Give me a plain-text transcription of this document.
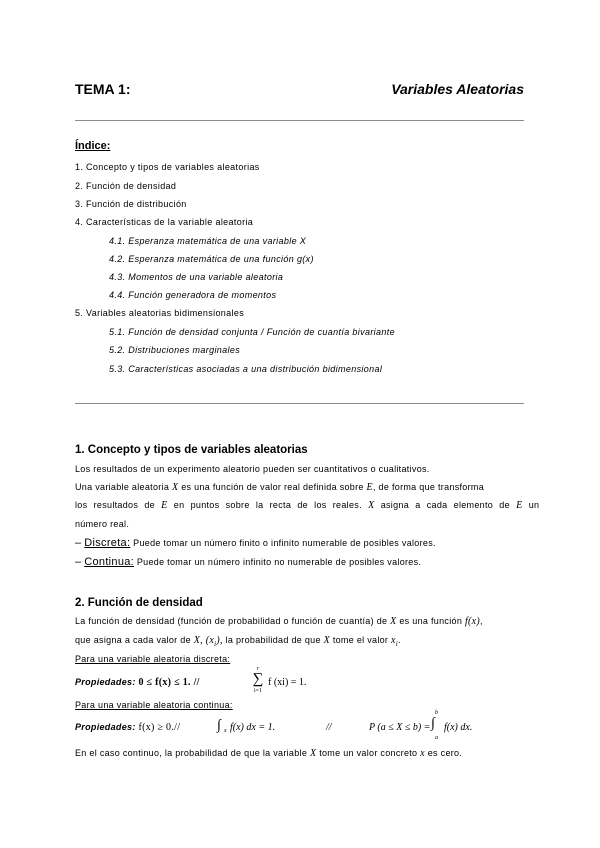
TEMA 1:	Variables Aleatorias
Índice:
1. Concepto y tipos de variables aleatorias
2. Función de densidad
3. Función de distribución
4. Características de la variable aleatoria
4.1. Esperanza matemática de una variable X
4.2. Esperanza matemática de una función g(x)
4.3. Momentos de una variable aleatoria
4.4. Función generadora de momentos
5. Variables aleatorias bidimensionales
5.1. Función de densidad conjunta / Función de cuantía bivariante
5.2. Distribuciones marginales
5.3. Características asociadas a una distribución bidimensional
1. Concepto y tipos de variables aleatorias
Los resultados de un experimento aleatorio pueden ser cuantitativos o cualitativos.
Una variable aleatoria X es una función de valor real definida sobre E, de forma que transforma
los resultados de E en puntos sobre la recta de los reales. X asigna a cada elemento de E un
número real.
– Discreta: Puede tomar un número finito o infinito numerable de posibles valores.
– Continua: Puede tomar un número infinito no numerable de posibles valores.
2. Función de densidad
La función de densidad (función de probabilidad o función de cuantía) de X es una función f(x),
que asigna a cada valor de X, $(x_i)$, la probabilidad de que X tome el valor $x_i$.
Para una variable aleatoria discreta:
Propiedades: 0 ≤ f(x) ≤ 1. //
r
∑
i=1
f (xi) = 1.
Para una variable aleatoria continua:
Propiedades: f(x) ≥ 0.//	∫ x f(x) dx = 1.	//	P (a ≤ X ≤ b) =
b
∫
a
f(x) dx.
En el caso continuo, la probabilidad de que la variable X tome un valor concreto x es cero.
